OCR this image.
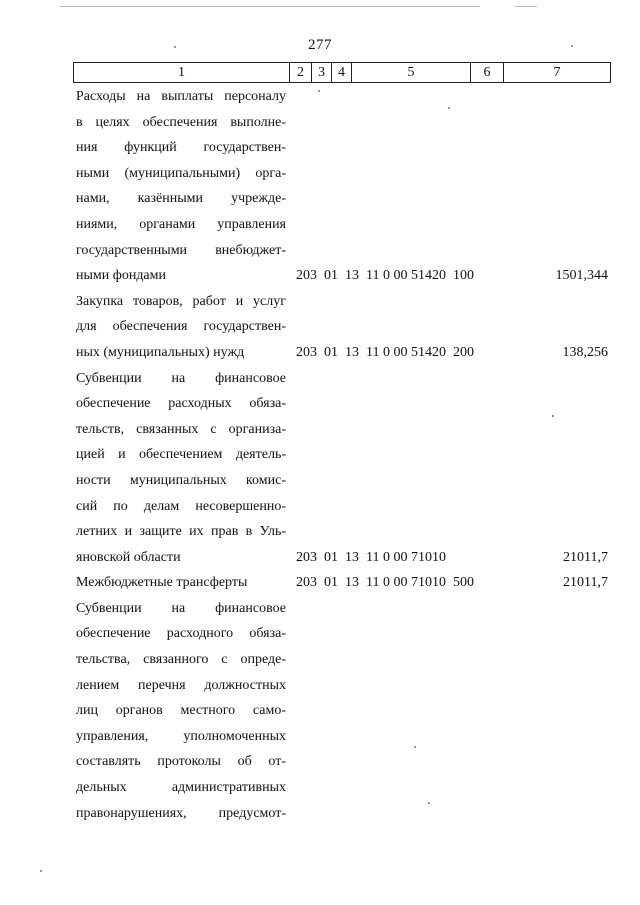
277
1	2	3	4	5	6	7
Расходы на выплаты персоналу
в целях обеспечения выполне-
ния функций государствен-
ными (муниципальными) орга-
нами, казёнными учрежде-
ниями, органами управления
государственными внебюджет-
ными фондами	203  01  13  11 0 00 51420  100	1501,344
Закупка товаров, работ и услуг
для обеспечения государствен-
ных (муниципальных) нужд	203  01  13  11 0 00 51420  200	138,256
Субвенции на финансовое
обеспечение расходных обяза-
тельств, связанных с организа-
цией и обеспечением деятель-
ности муниципальных комис-
сий по делам несовершенно-
летних и защите их прав в Уль-
яновской области	203  01  13  11 0 00 71010	21011,7
Межбюджетные трансферты	203  01  13  11 0 00 71010  500	21011,7
Субвенции на финансовое
обеспечение расходного обяза-
тельства, связанного с опреде-
лением перечня должностных
лиц органов местного само-
управления, уполномоченных
составлять протоколы об от-
дельных административных
правонарушениях, предусмот-
